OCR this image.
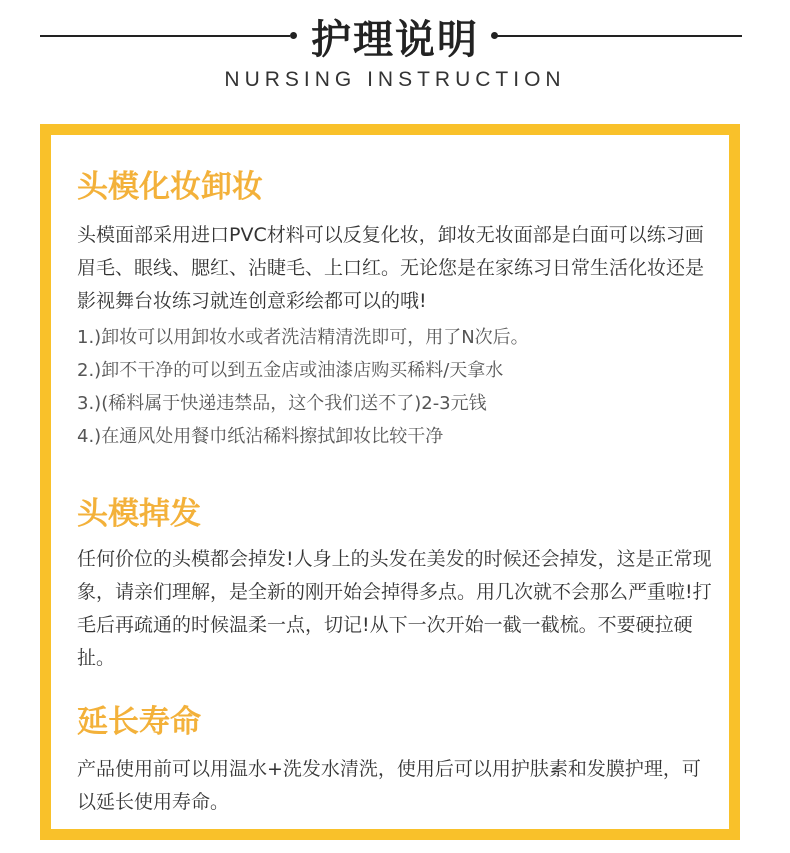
护理说明
NURSING INSTRUCTION
头模化妆卸妆

头模面部采用进口PVC材料可以反复化妆，卸妆无妆面部是白面可以练习画眉毛、眼线、腮红、沾睫毛、上口红。无论您是在家练习日常生活化妆还是影视舞台妆练习就连创意彩绘都可以的哦!

1.)卸妆可以用卸妆水或者洗洁精清洗即可，用了N次后。
2.)卸不干净的可以到五金店或油漆店购买稀料/天拿水
3.)(稀料属于快递违禁品，这个我们送不了)2-3元钱
4.)在通风处用餐巾纸沾稀料擦拭卸妆比较干净
头模掉发

任何价位的头模都会掉发!人身上的头发在美发的时候还会掉发，这是正常现象，请亲们理解，是全新的刚开始会掉得多点。用几次就不会那么严重啦!打毛后再疏通的时候温柔一点，切记!从下一次开始一截一截梳。不要硬拉硬扯。

延长寿命

产品使用前可以用温水+洗发水清洗，使用后可以用护肤素和发膜护理，可以延长使用寿命。
